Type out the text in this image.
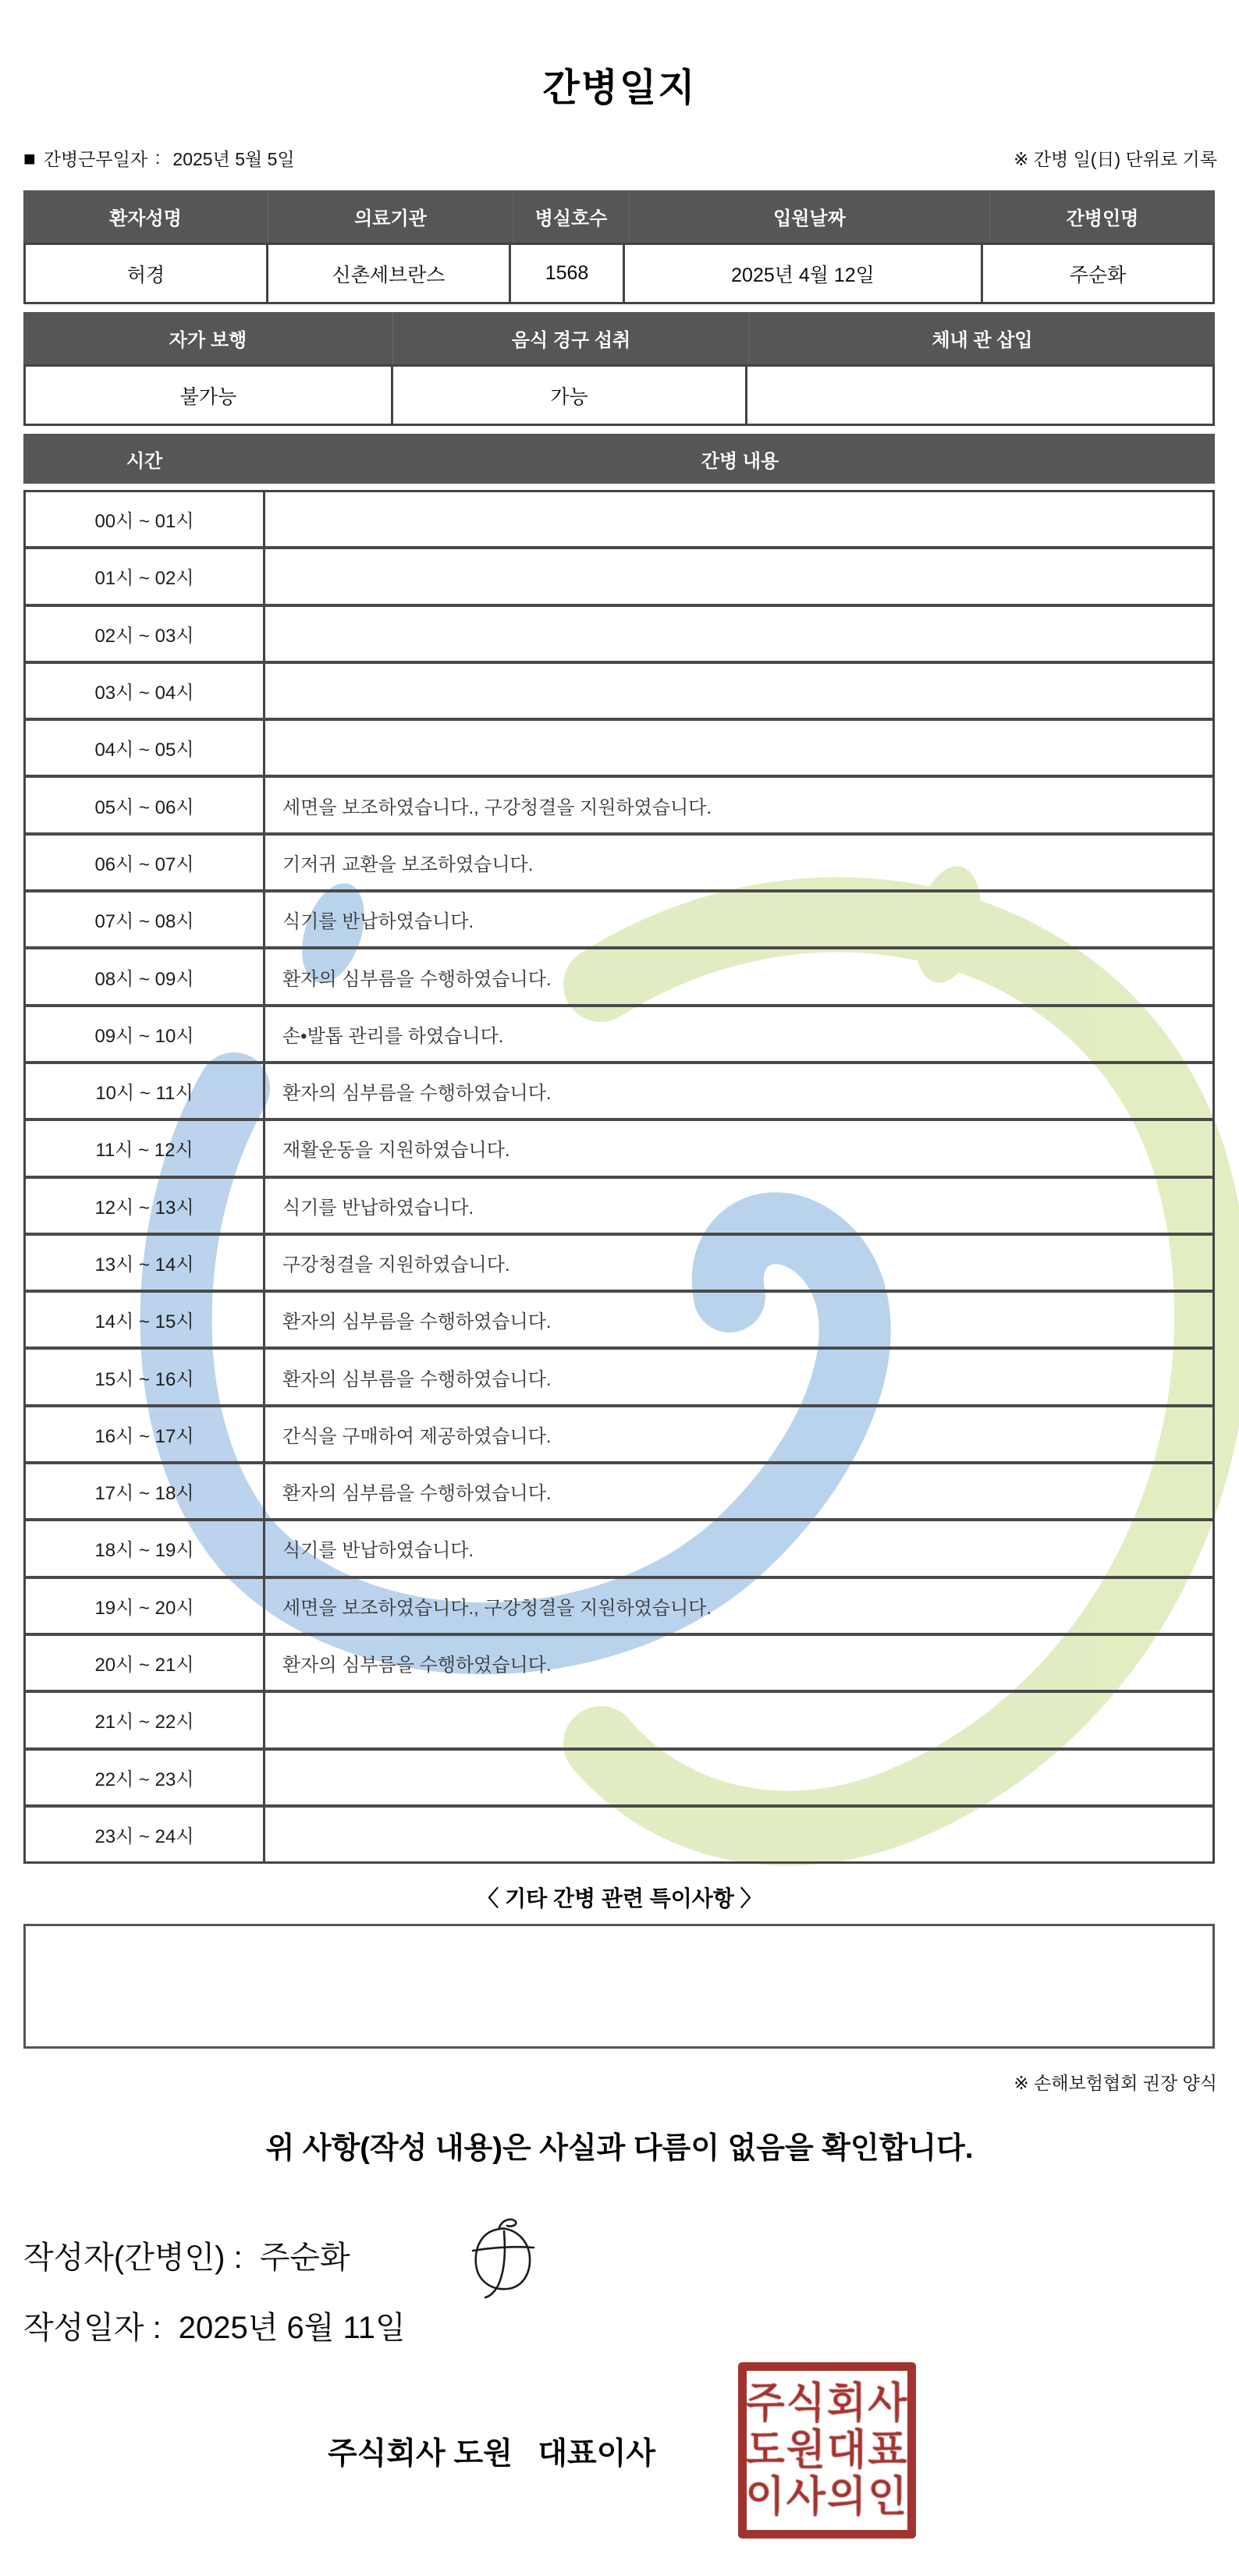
간병일지
■ 간병근무일자 : 2025년 5월 5일	※ 간병 일(日) 단위로 기록
환자성명	의료기관	병실호수	입원날짜	간병인명
허경	신촌세브란스	1568	2025년 4월 12일	주순화
자가 보행	음식 경구 섭취	체내 관 삽입
불가능	가능
시간	간병 내용
00시 ~ 01시
01시 ~ 02시
02시 ~ 03시
03시 ~ 04시
04시 ~ 05시
05시 ~ 06시	세면을 보조하였습니다., 구강청결을 지원하였습니다.
06시 ~ 07시	기저귀 교환을 보조하였습니다.
07시 ~ 08시	식기를 반납하였습니다.
08시 ~ 09시	환자의 심부름을 수행하였습니다.
09시 ~ 10시	손•발톱 관리를 하였습니다.
10시 ~ 11시	환자의 심부름을 수행하였습니다.
11시 ~ 12시	재활운동을 지원하였습니다.
12시 ~ 13시	식기를 반납하였습니다.
13시 ~ 14시	구강청결을 지원하였습니다.
14시 ~ 15시	환자의 심부름을 수행하였습니다.
15시 ~ 16시	환자의 심부름을 수행하였습니다.
16시 ~ 17시	간식을 구매하여 제공하였습니다.
17시 ~ 18시	환자의 심부름을 수행하였습니다.
18시 ~ 19시	식기를 반납하였습니다.
19시 ~ 20시	세면을 보조하였습니다., 구강청결을 지원하였습니다.
20시 ~ 21시	환자의 심부름을 수행하였습니다.
21시 ~ 22시
22시 ~ 23시
23시 ~ 24시
〈 기타 간병 관련 특이사항 〉
※ 손해보험협회 권장 양식
위 사항(작성 내용)은 사실과 다름이 없음을 확인합니다.
작성자(간병인) : 주순화
작성일자 : 2025년 6월 11일
주식회사 도원   대표이사
주식회사
도원대표
이사의인
